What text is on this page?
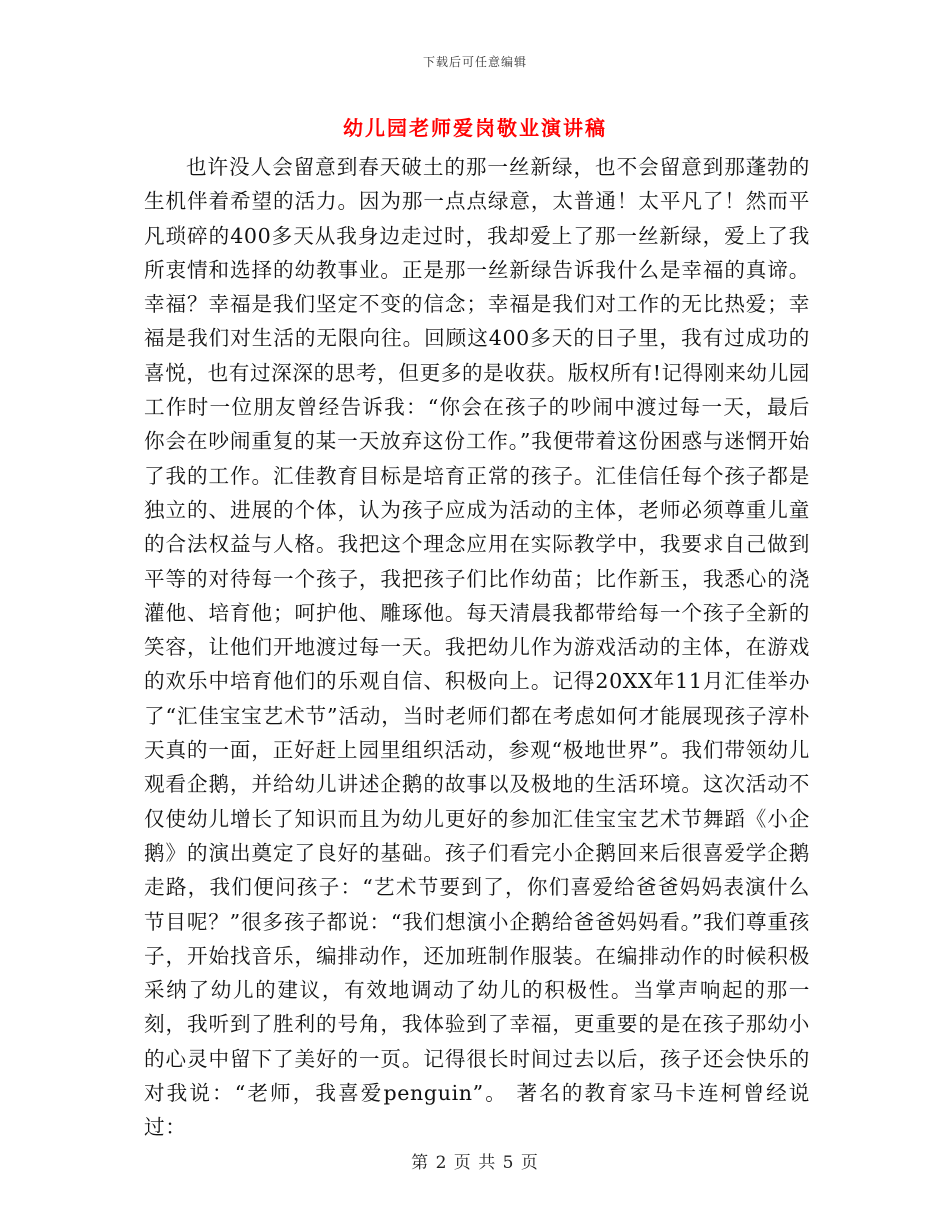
下载后可任意编辑
幼儿园老师爱岗敬业演讲稿

也许没人会留意到春天破土的那一丝新绿，也不会留意到那蓬勃的生机伴着希望的活力。因为那一点点绿意，太普通！太平凡了！然而平凡琐碎的400多天从我身边走过时，我却爱上了那一丝新绿，爱上了我所衷情和选择的幼教事业。正是那一丝新绿告诉我什么是幸福的真谛。幸福？幸福是我们坚定不变的信念；幸福是我们对工作的无比热爱；幸福是我们对生活的无限向往。回顾这400多天的日子里，我有过成功的喜悦，也有过深深的思考，但更多的是收获。版权所有!记得刚来幼儿园工作时一位朋友曾经告诉我：“你会在孩子的吵闹中渡过每一天，最后你会在吵闹重复的某一天放弃这份工作。”我便带着这份困惑与迷惘开始了我的工作。汇佳教育目标是培育正常的孩子。汇佳信任每个孩子都是独立的、进展的个体，认为孩子应成为活动的主体，老师必须尊重儿童的合法权益与人格。我把这个理念应用在实际教学中，我要求自己做到平等的对待每一个孩子，我把孩子们比作幼苗；比作新玉，我悉心的浇灌他、培育他；呵护他、雕琢他。每天清晨我都带给每一个孩子全新的笑容，让他们开地渡过每一天。我把幼儿作为游戏活动的主体，在游戏的欢乐中培育他们的乐观自信、积极向上。记得20XX年11月汇佳举办了“汇佳宝宝艺术节”活动，当时老师们都在考虑如何才能展现孩子淳朴天真的一面，正好赶上园里组织活动，参观“极地世界”。我们带领幼儿观看企鹅，并给幼儿讲述企鹅的故事以及极地的生活环境。这次活动不仅使幼儿增长了知识而且为幼儿更好的参加汇佳宝宝艺术节舞蹈《小企鹅》的演出奠定了良好的基础。孩子们看完小企鹅回来后很喜爱学企鹅走路，我们便问孩子：“艺术节要到了，你们喜爱给爸爸妈妈表演什么节目呢？”很多孩子都说：“我们想演小企鹅给爸爸妈妈看。”我们尊重孩子，开始找音乐，编排动作，还加班制作服装。在编排动作的时候积极采纳了幼儿的建议，有效地调动了幼儿的积极性。当掌声响起的那一刻，我听到了胜利的号角，我体验到了幸福，更重要的是在孩子那幼小的心灵中留下了美好的一页。记得很长时间过去以后，孩子还会快乐的对我说：“老师，我喜爱penguin”。 著名的教育家马卡连柯曾经说过：

第 2 页 共 5 页
